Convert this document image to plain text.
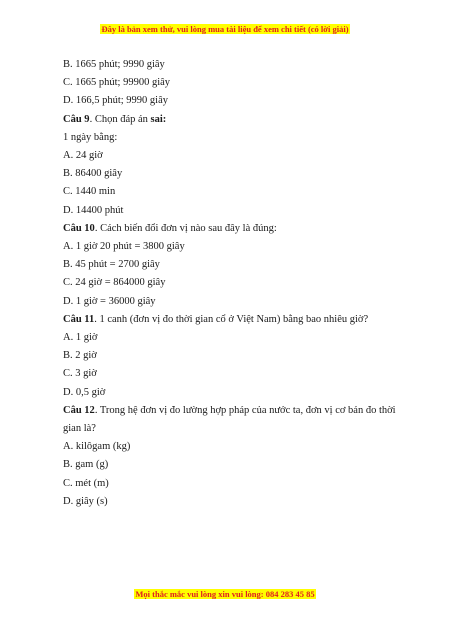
Đây là bản xem thử, vui lòng mua tài liệu để xem chi tiết (có lời giải)

B. 1665 phút; 9990 giây

C. 1665 phút; 99900 giây

D. 166,5 phút; 9990 giây

Câu 9. Chọn đáp án sai:

1 ngày bằng:

A. 24 giờ

B. 86400 giây

C. 1440 min

D. 14400 phút

Câu 10. Cách biến đổi đơn vị nào sau đây là đúng:

A. 1 giờ 20 phút = 3800 giây

B. 45 phút = 2700 giây

C. 24 giờ = 864000 giây

D. 1 giờ = 36000 giây

Câu 11. 1 canh (đơn vị đo thời gian cổ ở Việt Nam) bằng bao nhiêu giờ?

A. 1 giờ

B. 2 giờ

C. 3 giờ

D. 0,5 giờ

Câu 12. Trong hệ đơn vị đo lường hợp pháp của nước ta, đơn vị cơ bản đo thời gian là?

A. kilôgam (kg)

B. gam (g)

C. mét (m)

D. giây (s)

Mọi thắc mắc vui lòng xin vui lòng: 084 283 45 85
